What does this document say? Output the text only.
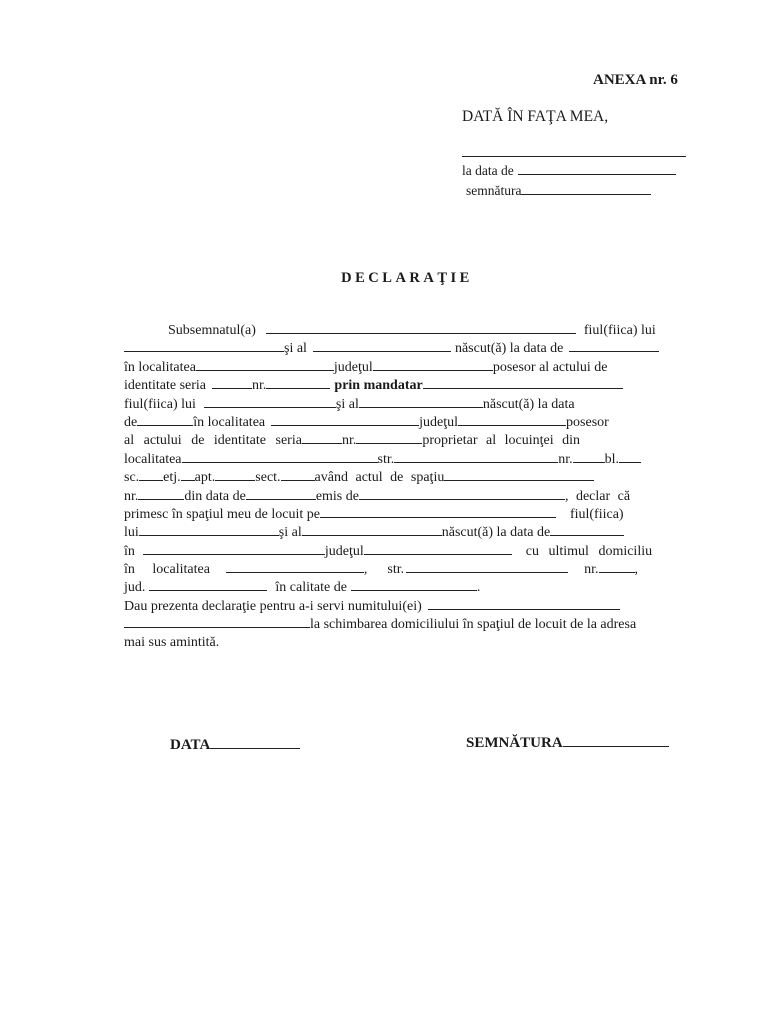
ANEXA nr. 6
DATĂ ÎN FAŢA MEA,
la data de
semnătura
DECLARAŢIE
Subsemnatul(a)	fiul(fiica) lui
şi al	născut(ă) la data de
în localitatea	judeţul	posesor al actului de
identitate seria	nr.	prin mandatar
fiul(fiica) lui	şi al	născut(ă) la data
de	în localitatea	judeţul	posesor
al actului de identitate seria	nr.	proprietar al locuinţei din
localitatea	str.	nr. bl.
sc. etj. apt.	sect. având actul de spaţiu
nr.	din data de	emis de	, declar că
primesc în spaţiul meu de locuit pe	fiul(fiica)
lui	şi al	născut(ă) la data de
în	judeţul	cu ultimul domiciliu
în localitatea	, str.	nr.	,
jud.	în calitate de	.
Dau prezenta declaraţie pentru a-i servi numitului(ei)
la schimbarea domiciliului în spaţiul de locuit de la adresa
mai sus amintită.
DATA	SEMNĂTURA
